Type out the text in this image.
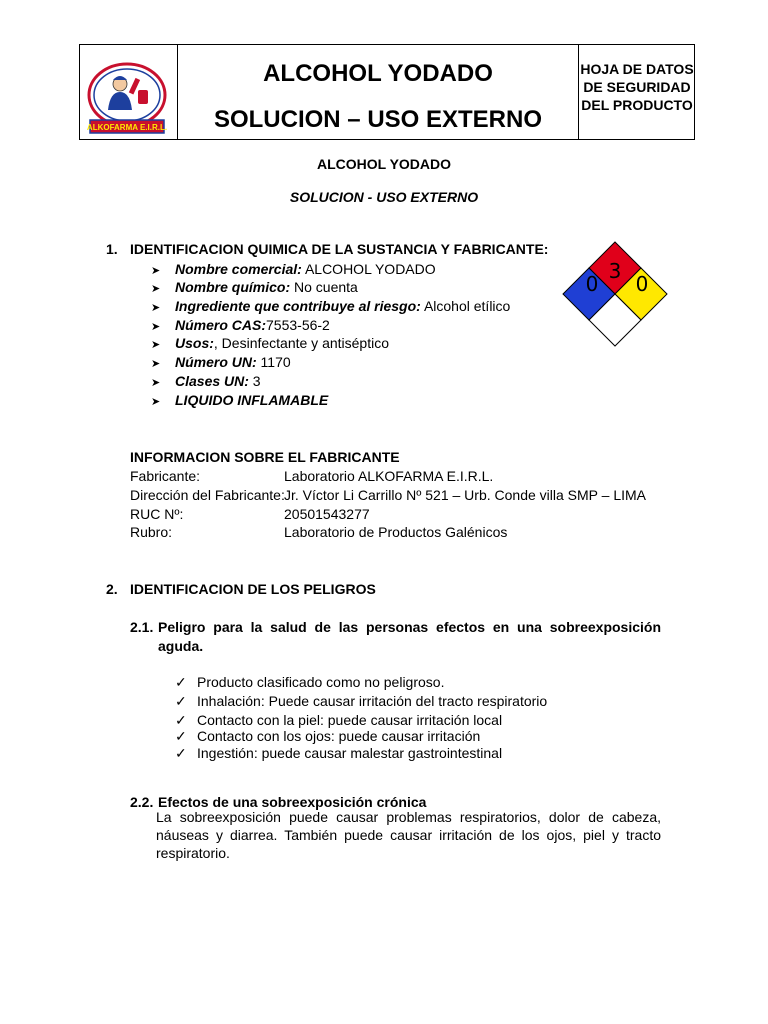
ALKOFARMA E.I.R.L.
ALCOHOL YODADO
SOLUCION – USO EXTERNO
HOJA DE DATOS
DE SEGURIDAD
DEL PRODUCTO
ALCOHOL YODADO
SOLUCION - USO EXTERNO
1. IDENTIFICACION QUIMICA DE LA SUSTANCIA Y FABRICANTE:
➤ Nombre comercial: ALCOHOL YODADO
➤ Nombre químico: No cuenta
➤ Ingrediente que contribuye al riesgo: Alcohol etílico
➤ Número CAS:7553-56-2
➤ Usos:, Desinfectante y antiséptico
➤ Número UN: 1170
➤ Clases UN: 3
➤ LIQUIDO INFLAMABLE
3
0 0
INFORMACION SOBRE EL FABRICANTE
Fabricante:	Laboratorio ALKOFARMA E.I.R.L.
Dirección del Fabricante: Jr. Víctor Li Carrillo Nº 521 – Urb. Conde villa SMP – LIMA
RUC Nº:	20501543277
Rubro:	Laboratorio de Productos Galénicos
2. IDENTIFICACION DE LOS PELIGROS
2.1. Peligro para la salud de las personas efectos en una sobreexposición
aguda.
✓ Producto clasificado como no peligroso.
✓ Inhalación: Puede causar irritación del tracto respiratorio
✓ Contacto con la piel: puede causar irritación local
✓ Contacto con los ojos: puede causar irritación
✓ Ingestión: puede causar malestar gastrointestinal
2.2. Efectos de una sobreexposición crónica
La sobreexposición puede causar problemas respiratorios, dolor de cabeza,
náuseas y diarrea. También puede causar irritación de los ojos, piel y tracto
respiratorio.
